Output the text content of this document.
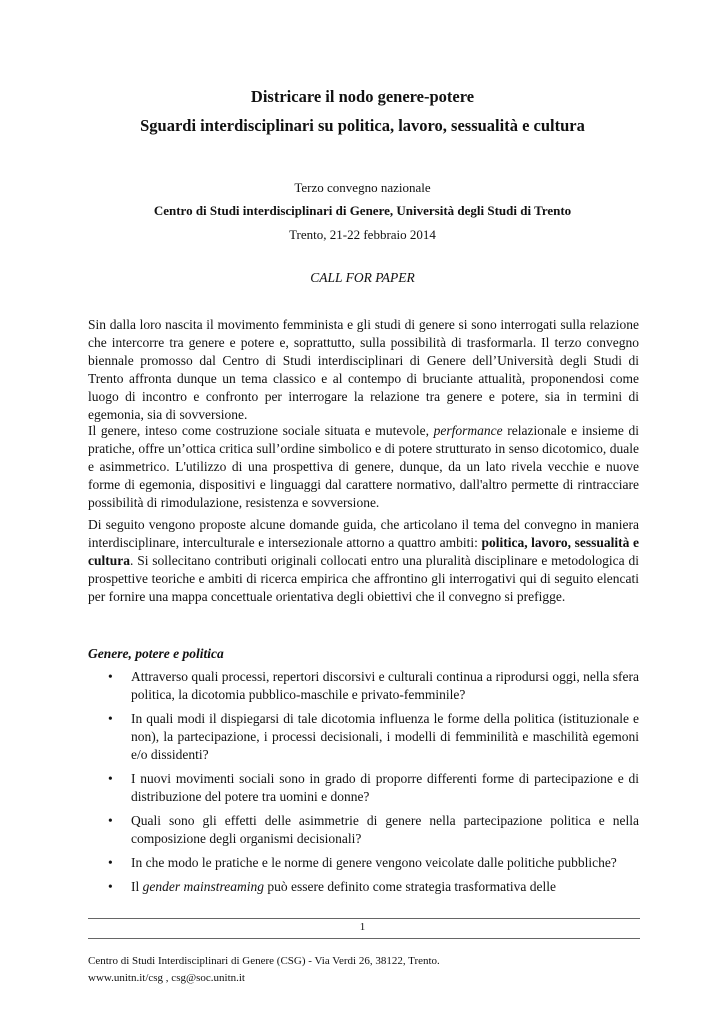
Districare il nodo genere-potere
Sguardi interdisciplinari su politica, lavoro, sessualità e cultura
Terzo convegno nazionale
Centro di Studi interdisciplinari di Genere, Università degli Studi di Trento
Trento, 21-22 febbraio 2014
CALL FOR PAPER

Sin dalla loro nascita il movimento femminista e gli studi di genere si sono interrogati sulla relazione che intercorre tra genere e potere e, soprattutto, sulla possibilità di trasformarla. Il terzo convegno biennale promosso dal Centro di Studi interdisciplinari di Genere dell’Università degli Studi di Trento affronta dunque un tema classico e al contempo di bruciante attualità, proponendosi come luogo di incontro e confronto per interrogare la relazione tra genere e potere, sia in termini di egemonia, sia di sovversione.

Il genere, inteso come costruzione sociale situata e mutevole, performance relazionale e insieme di pratiche, offre un’ottica critica sull’ordine simbolico e di potere strutturato in senso dicotomico, duale e asimmetrico. L'utilizzo di una prospettiva di genere, dunque, da un lato rivela vecchie e nuove forme di egemonia, dispositivi e linguaggi dal carattere normativo, dall'altro permette di rintracciare possibilità di rimodulazione, resistenza e sovversione.

Di seguito vengono proposte alcune domande guida, che articolano il tema del convegno in maniera interdisciplinare, interculturale e intersezionale attorno a quattro ambiti: politica, lavoro, sessualità e cultura. Si sollecitano contributi originali collocati entro una pluralità disciplinare e metodologica di prospettive teoriche e ambiti di ricerca empirica che affrontino gli interrogativi qui di seguito elencati per fornire una mappa concettuale orientativa degli obiettivi che il convegno si prefigge.

Genere, potere e politica
• Attraverso quali processi, repertori discorsivi e culturali continua a riprodursi oggi, nella sfera politica, la dicotomia pubblico-maschile e privato-femminile?
• In quali modi il dispiegarsi di tale dicotomia influenza le forme della politica (istituzionale e non), la partecipazione, i processi decisionali, i modelli di femminilità e maschilità egemoni e/o dissidenti?
• I nuovi movimenti sociali sono in grado di proporre differenti forme di partecipazione e di distribuzione del potere tra uomini e donne?
• Quali sono gli effetti delle asimmetrie di genere nella partecipazione politica e nella composizione degli organismi decisionali?
• In che modo le pratiche e le norme di genere vengono veicolate dalle politiche pubbliche?
• Il gender mainstreaming può essere definito come strategia trasformativa delle
1
Centro di Studi Interdisciplinari di Genere (CSG) - Via Verdi 26, 38122, Trento.
www.unitn.it/csg , csg@soc.unitn.it
